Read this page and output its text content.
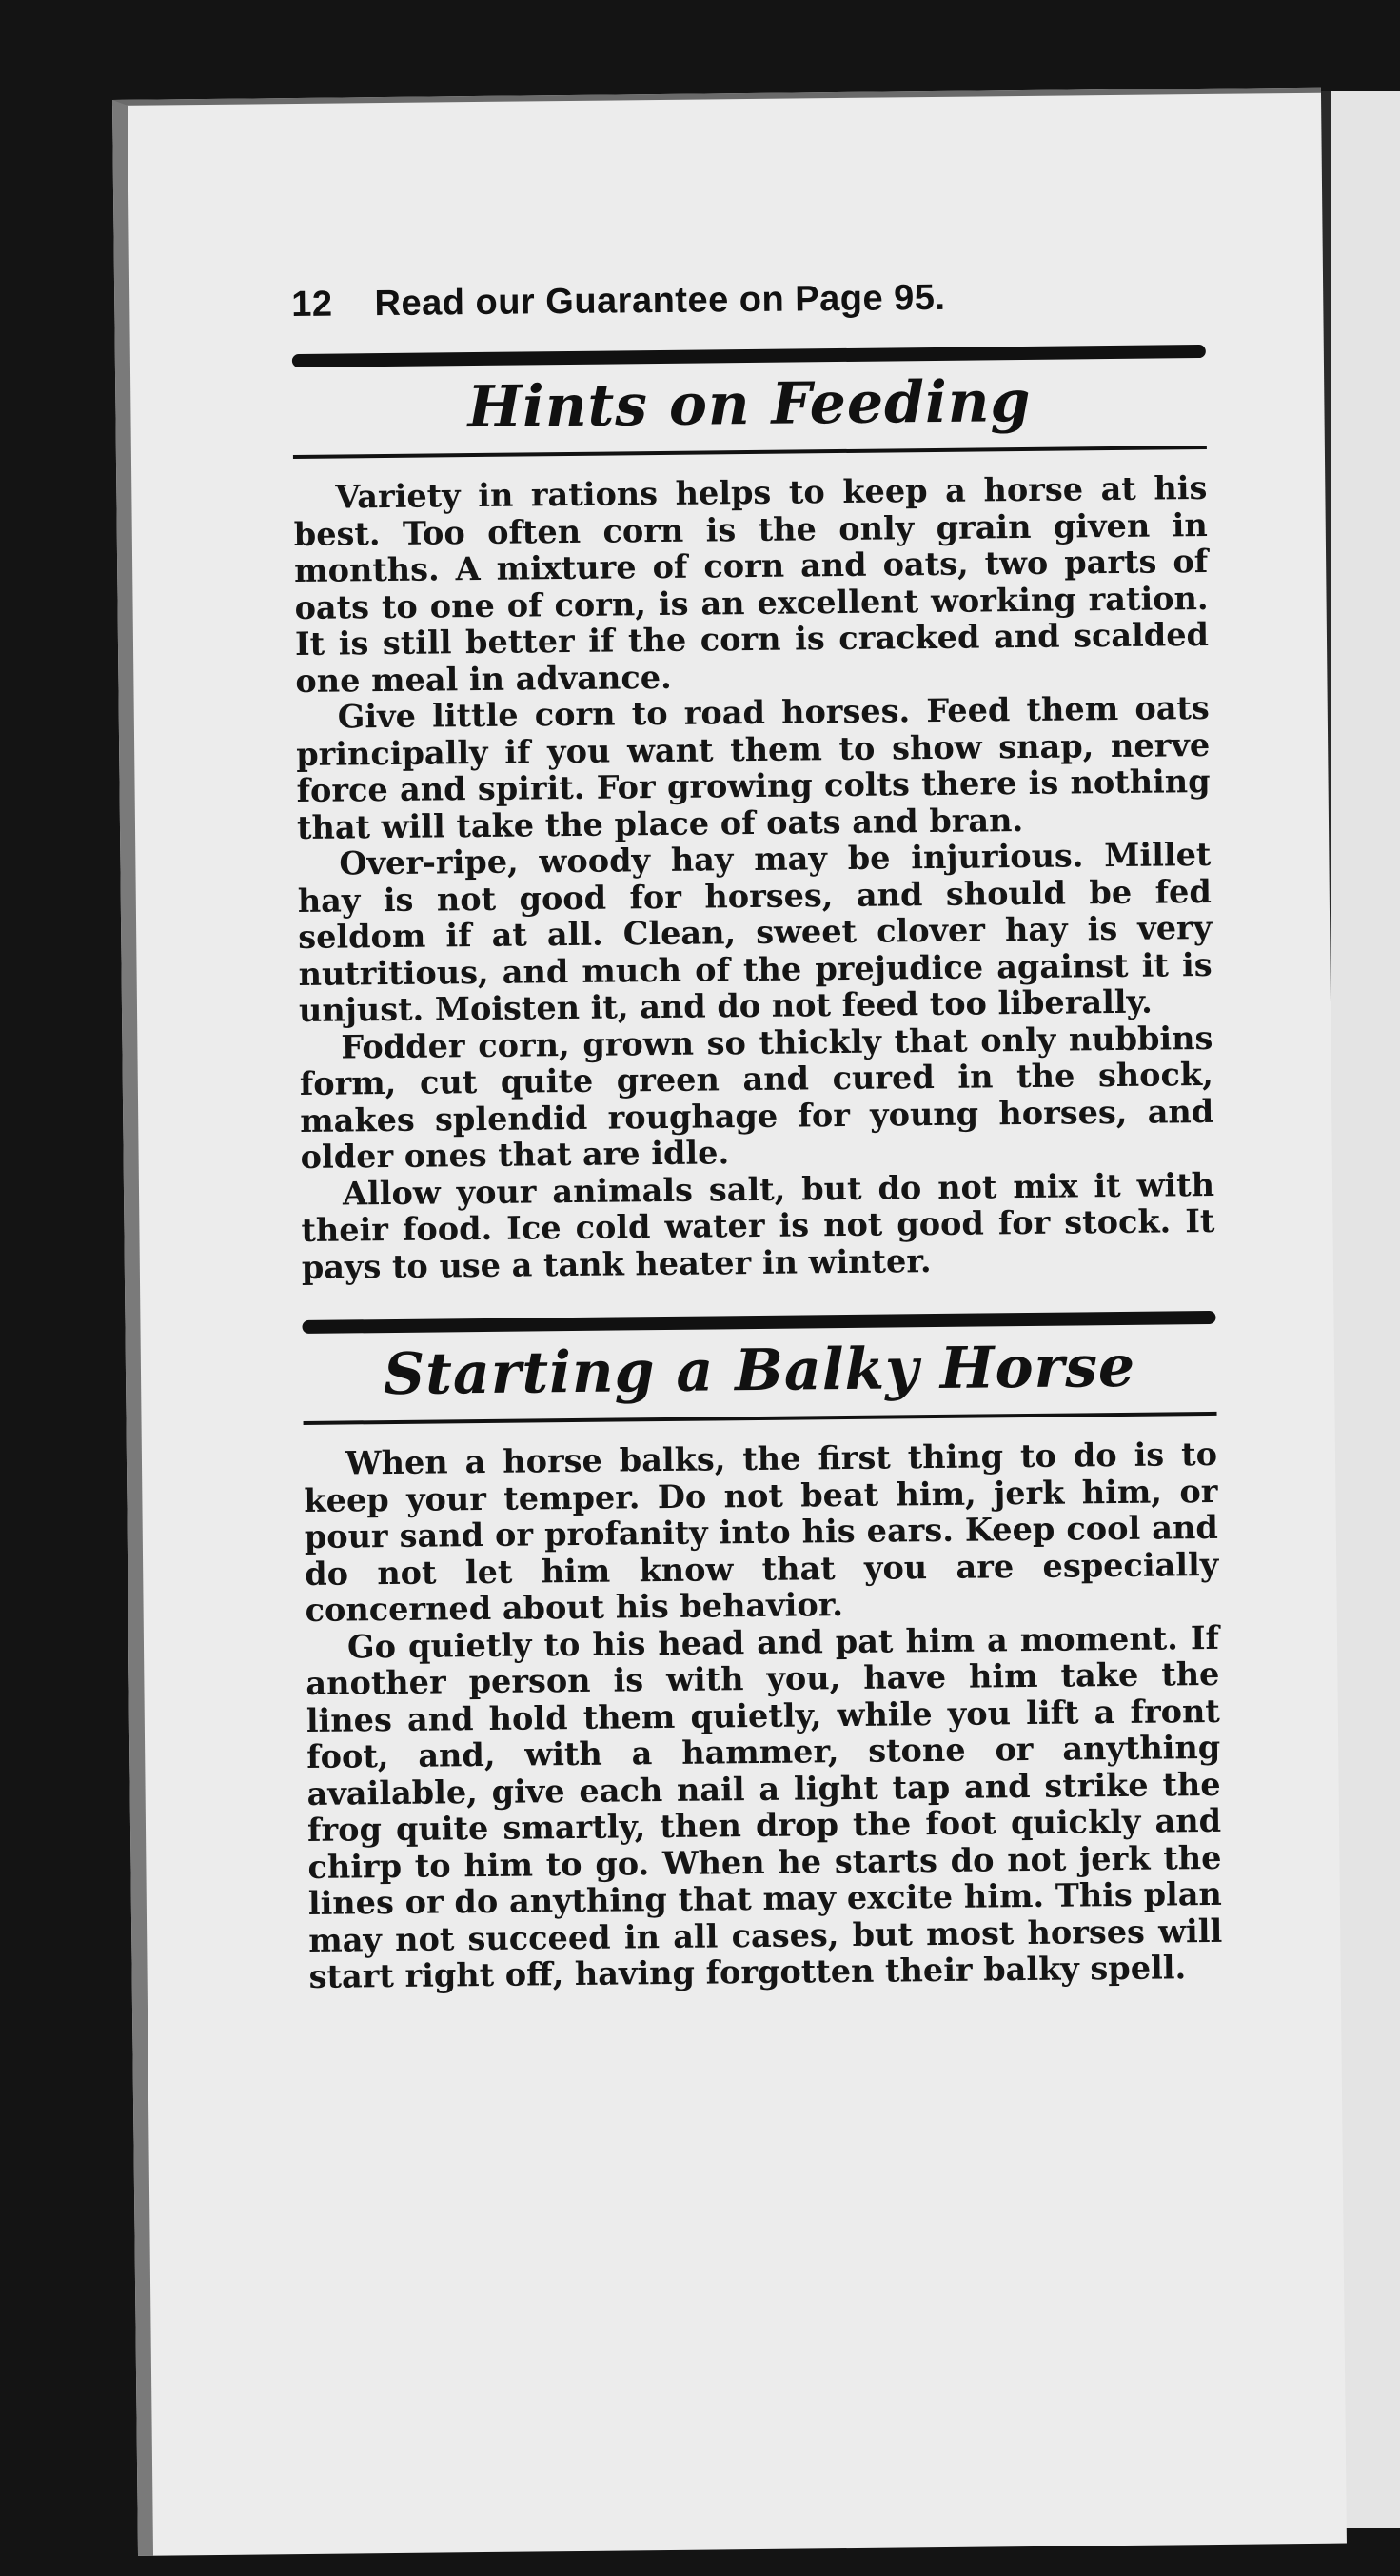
12 Read our Guarantee on Page 95.
Hints on Feeding

Variety in rations helps to keep a horse at his best. Too often corn is the only grain given in months. A mixture of corn and oats, two parts of oats to one of corn, is an excellent working ration. It is still better if the corn is cracked and scalded one meal in advance.

Give little corn to road horses. Feed them oats principally if you want them to show snap, nerve force and spirit. For growing colts there is nothing that will take the place of oats and bran.

Over-ripe, woody hay may be injurious. Millet hay is not good for horses, and should be fed seldom if at all. Clean, sweet clover hay is very nutritious, and much of the prejudice against it is unjust. Moisten it, and do not feed too liberally.

Fodder corn, grown so thickly that only nubbins form, cut quite green and cured in the shock, makes splendid roughage for young horses, and older ones that are idle.

Allow your animals salt, but do not mix it with their food. Ice cold water is not good for stock. It pays to use a tank heater in winter.

Starting a Balky Horse

When a horse balks, the first thing to do is to keep your temper. Do not beat him, jerk him, or pour sand or profanity into his ears. Keep cool and do not let him know that you are especially concerned about his behavior.

Go quietly to his head and pat him a moment. If another person is with you, have him take the lines and hold them quietly, while you lift a front foot, and, with a hammer, stone or anything available, give each nail a light tap and strike the frog quite smartly, then drop the foot quickly and chirp to him to go. When he starts do not jerk the lines or do anything that may excite him. This plan may not succeed in all cases, but most horses will start right off, having forgotten their balky spell.
